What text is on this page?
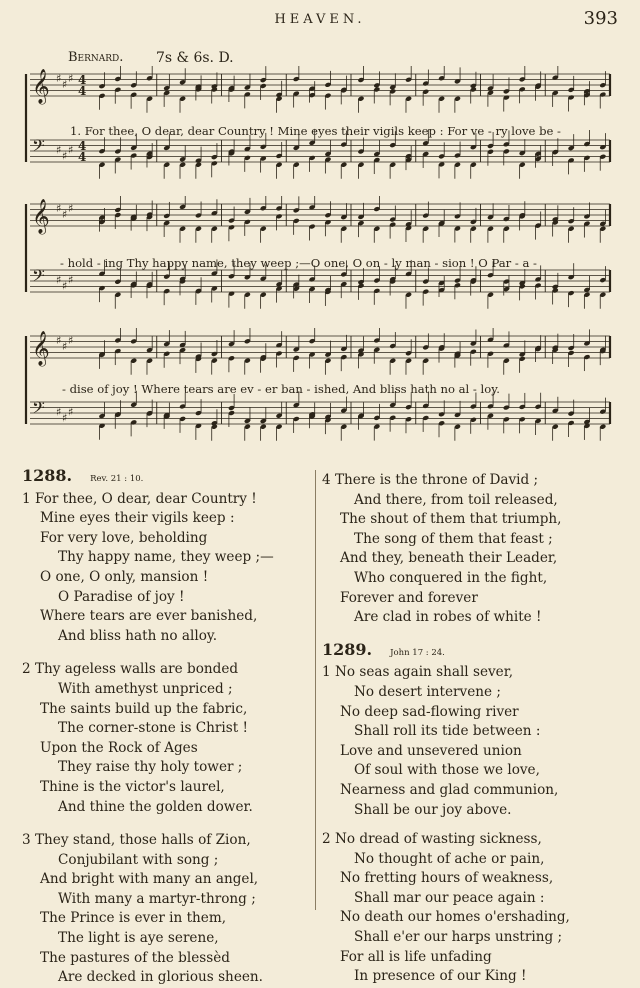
HEAVEN.	393
Bernard. 7s & 6s. D.
𝄞 ♯ ♯ ♯ 4
4
𝄢 ♯ ♯ ♯ 4
4
1. For thee, O dear, dear Country ! Mine eyes their vigils keep : For ve - ry love be -
𝄞 ♯ ♯ ♯
𝄢 ♯ ♯ ♯
- hold - ing Thy happy name, they weep ;—O one, O on - ly man - sion ! O Par - a -
𝄞 ♯ ♯ ♯
𝄢 ♯ ♯ ♯
- dise of joy ! Where tears are ev - er ban - ished, And bliss hath no al - loy.
1288. Rev. 21 : 10.
1 For thee, O dear, dear Country !
Mine eyes their vigils keep :
For very love, beholding
Thy happy name, they weep ;—
O one, O only, mansion !
O Paradise of joy !
Where tears are ever banished,
And bliss hath no alloy.
2 Thy ageless walls are bonded
With amethyst unpriced ;
The saints build up the fabric,
The corner-stone is Christ !
Upon the Rock of Ages
They raise thy holy tower ;
Thine is the victor's laurel,
And thine the golden dower.
3 They stand, those halls of Zion,
Conjubilant with song ;
And bright with many an angel,
With many a martyr-throng ;
The Prince is ever in them,
The light is aye serene,
The pastures of the blessèd
Are decked in glorious sheen.
4 There is the throne of David ;
And there, from toil released,
The shout of them that triumph,
The song of them that feast ;
And they, beneath their Leader,
Who conquered in the fight,
Forever and forever
Are clad in robes of white !
1289. John 17 : 24.
1 No seas again shall sever,
No desert intervene ;
No deep sad-flowing river
Shall roll its tide between :
Love and unsevered union
Of soul with those we love,
Nearness and glad communion,
Shall be our joy above.
2 No dread of wasting sickness,
No thought of ache or pain,
No fretting hours of weakness,
Shall mar our peace again :
No death our homes o'ershading,
Shall e'er our harps unstring ;
For all is life unfading
In presence of our King !
